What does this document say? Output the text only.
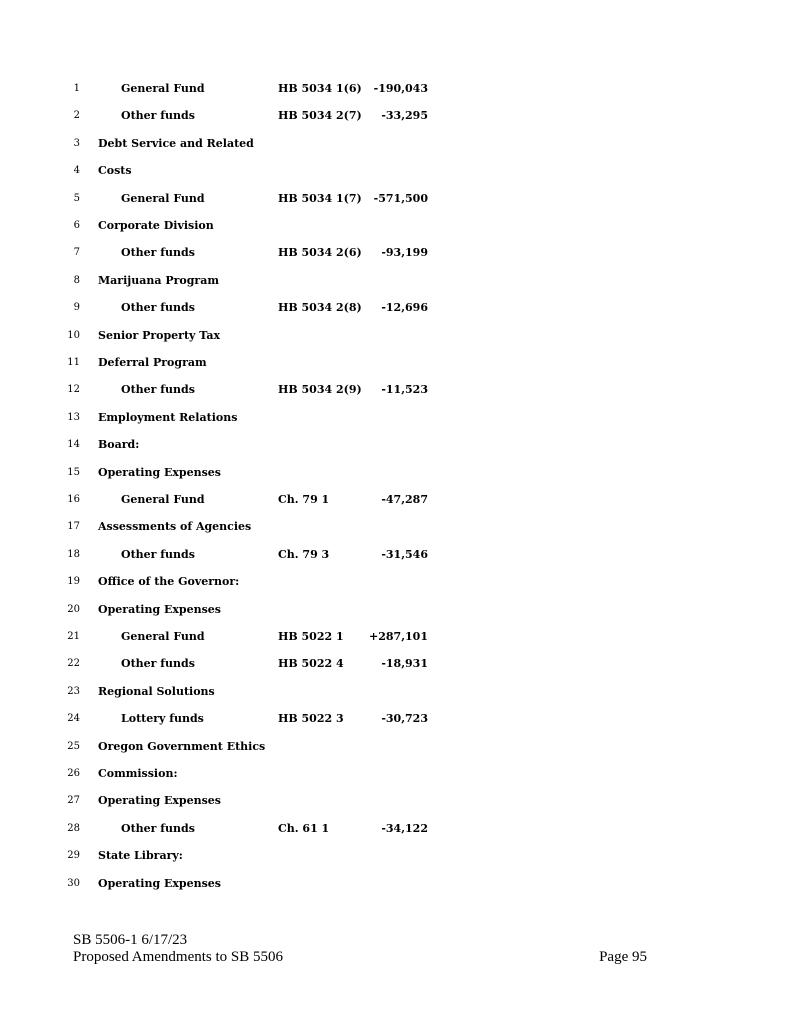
1	General Fund	HB 5034 1(6)	-190,043
2	Other funds	HB 5034 2(7)	-33,295
3 Debt Service and Related
4 Costs
5	General Fund	HB 5034 1(7)	-571,500
6 Corporate Division
7	Other funds	HB 5034 2(6)	-93,199
8 Marijuana Program
9	Other funds	HB 5034 2(8)	-12,696
10 Senior Property Tax
11 Deferral Program
12	Other funds	HB 5034 2(9)	-11,523
13 Employment Relations
14 Board:
15 Operating Expenses
16	General Fund	Ch. 79 1	-47,287
17 Assessments of Agencies
18	Other funds	Ch. 79 3	-31,546
19 Office of the Governor:
20 Operating Expenses
21	General Fund	HB 5022 1	+287,101
22	Other funds	HB 5022 4	-18,931
23 Regional Solutions
24	Lottery funds	HB 5022 3	-30,723
25 Oregon Government Ethics
26 Commission:
27 Operating Expenses
28	Other funds	Ch. 61 1	-34,122
29 State Library:
30 Operating Expenses
SB 5506-1 6/17/23
Proposed Amendments to SB 5506	Page 95
